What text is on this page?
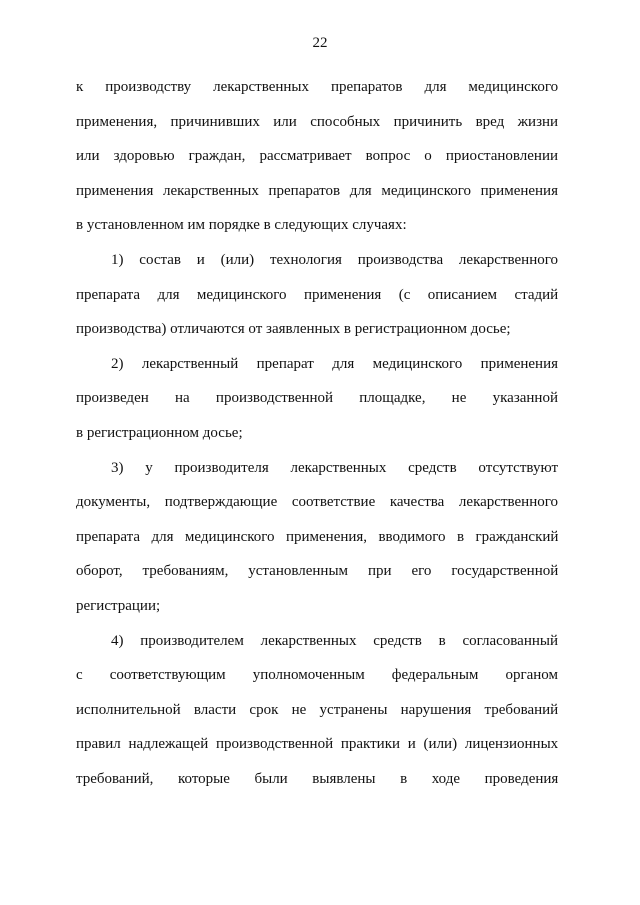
22
к производству лекарственных препаратов для медицинского
применения, причинивших или способных причинить вред жизни
или здоровью граждан, рассматривает вопрос о приостановлении
применения лекарственных препаратов для медицинского применения
в установленном им порядке в следующих случаях:
1) состав и (или) технология производства лекарственного
препарата для медицинского применения (с описанием стадий
производства) отличаются от заявленных в регистрационном досье;
2) лекарственный препарат для медицинского применения
произведен на производственной площадке, не указанной
в регистрационном досье;
3) у производителя лекарственных средств отсутствуют
документы, подтверждающие соответствие качества лекарственного
препарата для медицинского применения, вводимого в гражданский
оборот, требованиям, установленным при его государственной
регистрации;
4) производителем лекарственных средств в согласованный
с соответствующим уполномоченным федеральным органом
исполнительной власти срок не устранены нарушения требований
правил надлежащей производственной практики и (или) лицензионных
требований, которые были выявлены в ходе проведения
